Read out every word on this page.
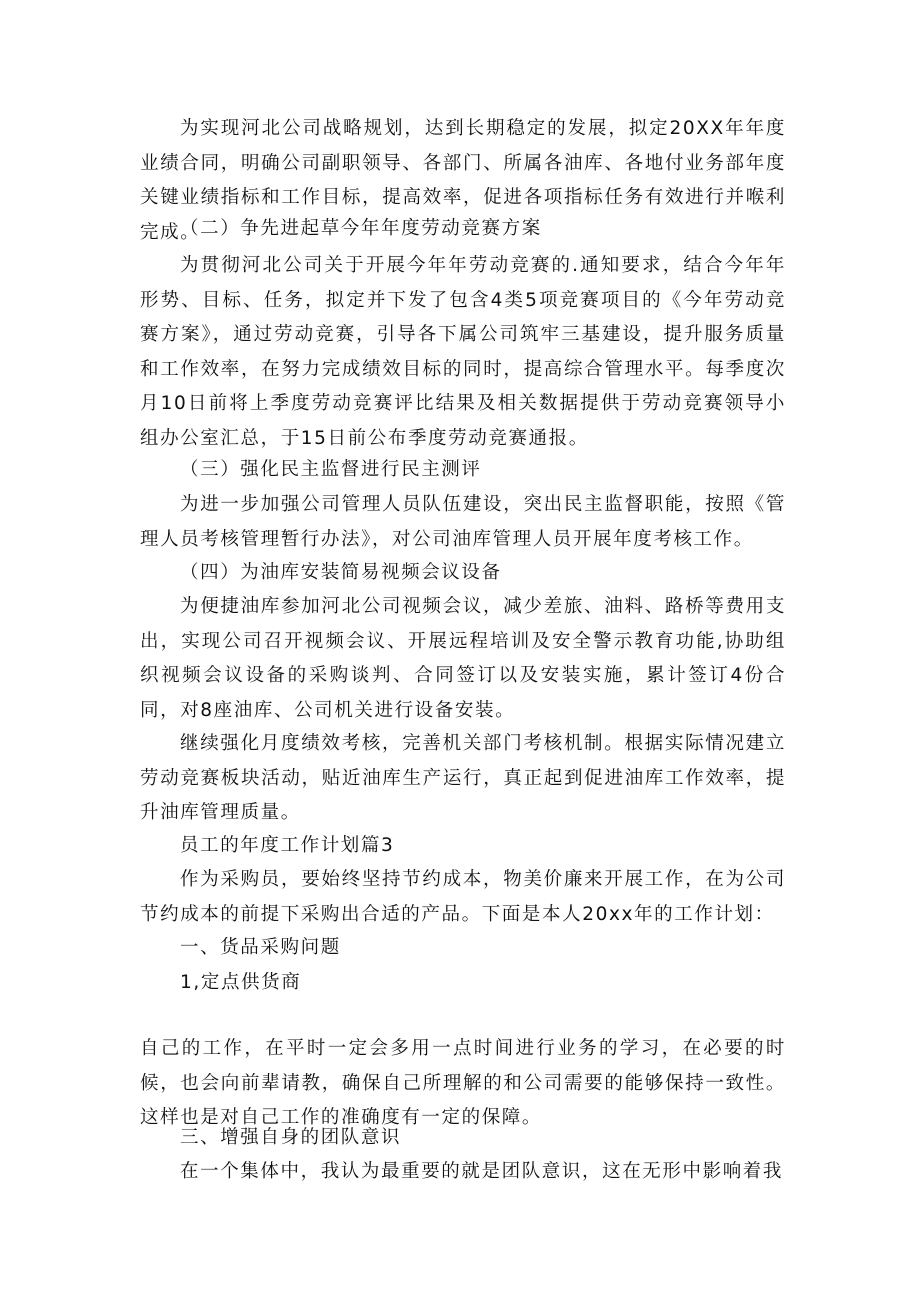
为实现河北公司战略规划，达到长期稳定的发展，拟定20XX年年度业绩合同，明确公司副职领导、各部门、所属各油库、各地付业务部年度关键业绩指标和工作目标，提高效率，促进各项指标任务有效进行并喉利完成。

（二）争先进起草今年年度劳动竞赛方案

为贯彻河北公司关于开展今年年劳动竞赛的.通知要求，结合今年年形势、目标、任务，拟定并下发了包含4类5项竞赛项目的《今年劳动竞赛方案》，通过劳动竞赛，引导各下属公司筑牢三基建设，提升服务质量和工作效率，在努力完成绩效目标的同时，提高综合管理水平。每季度次月10日前将上季度劳动竞赛评比结果及相关数据提供于劳动竞赛领导小组办公室汇总，于15日前公布季度劳动竞赛通报。

（三）强化民主监督进行民主测评

为进一步加强公司管理人员队伍建设，突出民主监督职能，按照《管理人员考核管理暂行办法》，对公司油库管理人员开展年度考核工作。

（四）为油库安装简易视频会议设备

为便捷油库参加河北公司视频会议，减少差旅、油料、路桥等费用支出，实现公司召开视频会议、开展远程培训及安全警示教育功能,协助组织视频会议设备的采购谈判、合同签订以及安装实施，累计签订4份合同，对8座油库、公司机关进行设备安装。

继续强化月度绩效考核，完善机关部门考核机制。根据实际情况建立劳动竞赛板块活动，贴近油库生产运行，真正起到促进油库工作效率，提升油库管理质量。

员工的年度工作计划篇3

作为采购员，要始终坚持节约成本，物美价廉来开展工作，在为公司节约成本的前提下采购出合适的产品。下面是本人20xx年的工作计划：

一、货品采购问题

1,定点供货商

自己的工作，在平时一定会多用一点时间进行业务的学习，在必要的时候，也会向前辈请教，确保自己所理解的和公司需要的能够保持一致性。这样也是对自己工作的准确度有一定的保障。

三、增强自身的团队意识

在一个集体中，我认为最重要的就是团队意识，这在无形中影响着我
